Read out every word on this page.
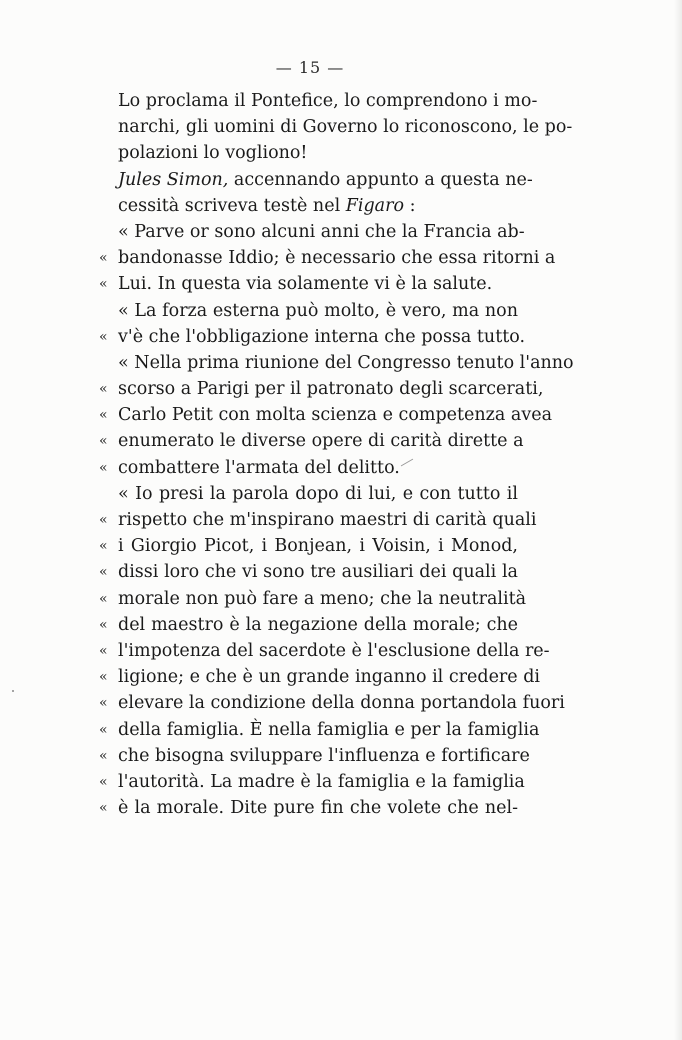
— 15 —
Lo proclama il Pontefice, lo comprendono i mo-
narchi, gli uomini di Governo lo riconoscono, le po-
polazioni lo vogliono!
Jules Simon, accennando appunto a questa ne-
cessità scriveva testè nel Figaro :
« Parve or sono alcuni anni che la Francia ab-
« bandonasse Iddio; è necessario che essa ritorni a
« Lui. In questa via solamente vi è la salute.
« La forza esterna può molto, è vero, ma non
« v'è che l'obbligazione interna che possa tutto.
« Nella prima riunione del Congresso tenuto l'anno
« scorso a Parigi per il patronato degli scarcerati,
« Carlo Petit con molta scienza e competenza avea
« enumerato le diverse opere di carità dirette a
« combattere l'armata del delitto.
« Io presi la parola dopo di lui, e con tutto il
« rispetto che m'inspirano maestri di carità quali
« i Giorgio Picot, i Bonjean, i Voisin, i Monod,
« dissi loro che vi sono tre ausiliari dei quali la
« morale non può fare a meno; che la neutralità
« del maestro è la negazione della morale; che
« l'impotenza del sacerdote è l'esclusione della re-
« ligione; e che è un grande inganno il credere di
« elevare la condizione della donna portandola fuori
« della famiglia. È nella famiglia e per la famiglia
« che bisogna sviluppare l'influenza e fortificare
« l'autorità. La madre è la famiglia e la famiglia
« è la morale. Dite pure fin che volete che nel-
